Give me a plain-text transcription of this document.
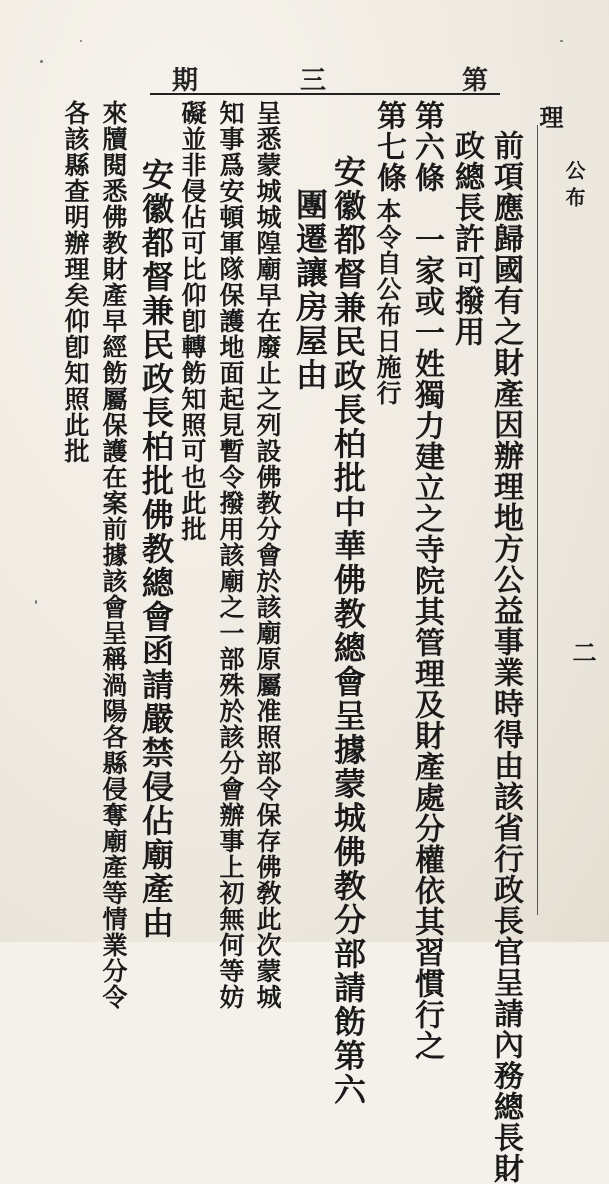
第
三
期
理
公 布
二
前項應歸國有之財產因辦理地方公益事業時得由該省行政長官呈請內務總長財
政總長許可撥用
第六條　一家或一姓獨力建立之寺院其管理及財產處分權依其習慣行之
第七條　
本令自公布日施行
安徽都督兼民政長柏批中華佛教總會呈據蒙城佛教分部請飭第六
團遷讓房屋由
呈悉蒙城城隍廟早在廢止之列設佛教分會於該廟原屬准照部令保存佛敎此次蒙城
知事爲安頓軍隊保護地面起見暫令撥用該廟之一部殊於該分會辦事上初無何等妨
礙並非侵佔可比仰卽轉飭知照可也此批
安徽都督兼民政長柏批佛教總會函請嚴禁侵佔廟產由
來牘閱悉佛教財產早經飭屬保護在案前據該會呈稱渦陽各縣侵奪廟產等情業分令
各該縣查明辦理矣仰卽知照此批
